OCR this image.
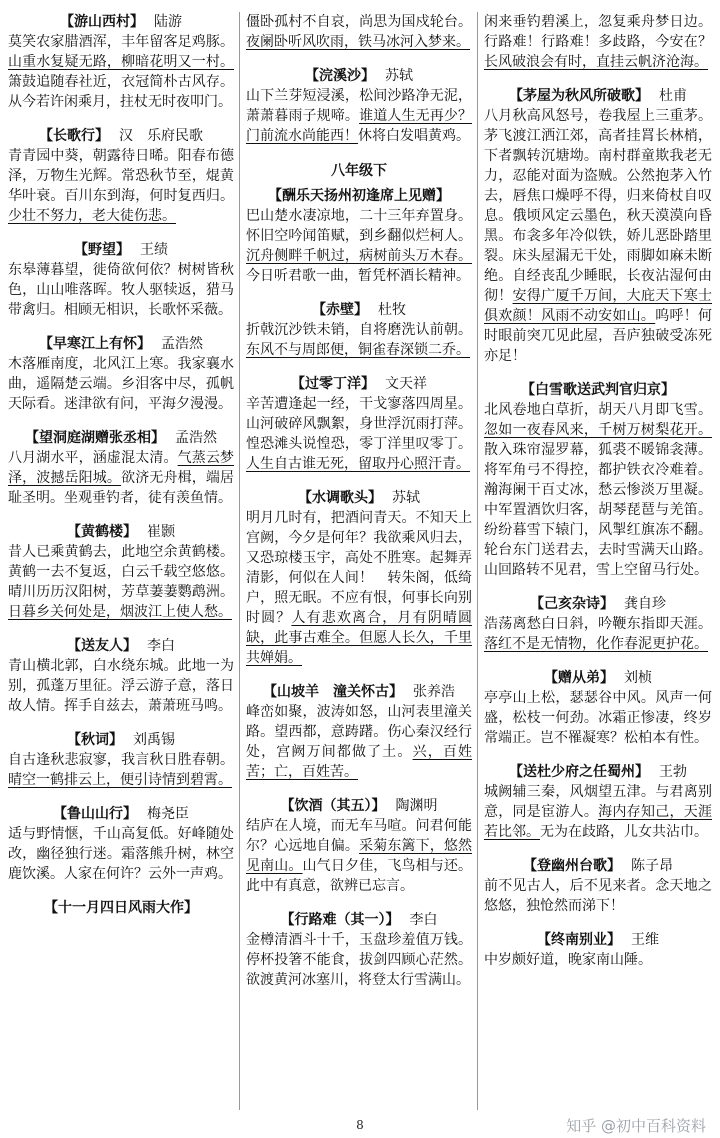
【游山西村】 陆游
莫笑农家腊酒浑，丰年留客足鸡豚。山重水复疑无路，柳暗花明又一村。箫鼓追随春社近，衣冠简朴古风存。从今若许闲乘月，拄杖无时夜叩门。
【长歌行】 汉　乐府民歌
青青园中葵，朝露待日晞。阳春布德泽，万物生光辉。常恐秋节至，焜黄华叶衰。百川东到海，何时复西归。少壮不努力，老大徒伤悲。
【野望】 王绩
东皋薄暮望，徙倚欲何依？树树皆秋色，山山唯落晖。牧人驱犊返，猎马带禽归。相顾无相识，长歌怀采薇。
【早寒江上有怀】 孟浩然
木落雁南度，北风江上寒。我家襄水曲，遥隔楚云端。乡泪客中尽，孤帆天际看。迷津欲有问，平海夕漫漫。
【望洞庭湖赠张丞相】 孟浩然
八月湖水平，涵虚混太清。气蒸云梦泽，波撼岳阳城。欲济无舟楫，端居耻圣明。坐观垂钓者，徒有羡鱼情。
【黄鹤楼】 崔颢
昔人已乘黄鹤去，此地空余黄鹤楼。黄鹤一去不复返，白云千载空悠悠。晴川历历汉阳树，芳草萋萋鹦鹉洲。日暮乡关何处是，烟波江上使人愁。
【送友人】 李白
青山横北郭，白水绕东城。此地一为别，孤蓬万里征。浮云游子意，落日故人情。挥手自兹去，萧萧班马鸣。
【秋词】 刘禹锡
自古逢秋悲寂寥，我言秋日胜春朝。晴空一鹤排云上，便引诗情到碧霄。
【鲁山山行】 梅尧臣
适与野情惬，千山高复低。好峰随处改，幽径独行迷。霜落熊升树，林空鹿饮溪。人家在何许？云外一声鸡。
【十一月四日风雨大作】
僵卧孤村不自哀，尚思为国戍轮台。夜阑卧听风吹雨，铁马冰河入梦来。
【浣溪沙】 苏轼
山下兰芽短浸溪，松间沙路净无泥，萧萧暮雨子规啼。谁道人生无再少？门前流水尚能西！休将白发唱黄鸡。
八年级下
【酬乐天扬州初逢席上见赠】
巴山楚水凄凉地，二十三年弃置身。怀旧空吟闻笛赋，到乡翻似烂柯人。沉舟侧畔千帆过，病树前头万木春。今日听君歌一曲，暂凭杯酒长精神。
【赤壁】 杜牧
折戟沉沙铁未销，自将磨洗认前朝。东风不与周郎便，铜雀春深锁二乔。
【过零丁洋】 文天祥
辛苦遭逢起一经，干戈寥落四周星。山河破碎风飘絮，身世浮沉雨打萍。惶恐滩头说惶恐，零丁洋里叹零丁。人生自古谁无死，留取丹心照汗青。
【水调歌头】 苏轼
明月几时有，把酒问青天。不知天上宫阙，今夕是何年？我欲乘风归去，又恐琼楼玉宇，高处不胜寒。起舞弄清影，何似在人间！　转朱阁，低绮户，照无眠。不应有恨，何事长向别时圆？人有悲欢离合，月有阴晴圆缺，此事古难全。但愿人长久，千里共婵娟。
【山坡羊　潼关怀古】 张养浩
峰峦如聚，波涛如怒，山河表里潼关路。望西都，意踌躇。伤心秦汉经行处，宫阙万间都做了土。兴，百姓苦；亡，百姓苦。
【饮酒（其五）】 陶渊明
结庐在人境，而无车马喧。问君何能尔？心远地自偏。采菊东篱下，悠然见南山。山气日夕佳，飞鸟相与还。此中有真意，欲辨已忘言。
【行路难（其一）】 李白
金樽清酒斗十千，玉盘珍羞值万钱。停杯投箸不能食，拔剑四顾心茫然。欲渡黄河冰塞川，将登太行雪满山。
闲来垂钓碧溪上，忽复乘舟梦日边。行路难！行路难！多歧路，今安在？长风破浪会有时，直挂云帆济沧海。
【茅屋为秋风所破歌】 杜甫
八月秋高风怒号，卷我屋上三重茅。茅飞渡江洒江郊，高者挂罥长林梢，下者飘转沉塘坳。南村群童欺我老无力，忍能对面为盗贼。公然抱茅入竹去，唇焦口燥呼不得，归来倚杖自叹息。俄顷风定云墨色，秋天漠漠向昏黑。布衾多年冷似铁，娇儿恶卧踏里裂。床头屋漏无干处，雨脚如麻未断绝。自经丧乱少睡眠，长夜沾湿何由彻！安得广厦千万间，大庇天下寒士俱欢颜！风雨不动安如山。呜呼！何时眼前突兀见此屋，吾庐独破受冻死亦足！
【白雪歌送武判官归京】
北风卷地白草折，胡天八月即飞雪。忽如一夜春风来，千树万树梨花开。散入珠帘湿罗幕，狐裘不暖锦衾薄。将军角弓不得控，都护铁衣冷难着。瀚海阑干百丈冰，愁云惨淡万里凝。中军置酒饮归客，胡琴琵琶与羌笛。纷纷暮雪下辕门，风掣红旗冻不翻。轮台东门送君去，去时雪满天山路。山回路转不见君，雪上空留马行处。
【己亥杂诗】 龚自珍
浩荡离愁白日斜，吟鞭东指即天涯。落红不是无情物，化作春泥更护花。
【赠从弟】 刘桢
亭亭山上松，瑟瑟谷中风。风声一何盛，松枝一何劲。冰霜正惨凄，终岁常端正。岂不罹凝寒？松柏本有性。
【送杜少府之任蜀州】 王勃
城阙辅三秦，风烟望五津。与君离别意，同是宦游人。海内存知己，天涯若比邻。无为在歧路，儿女共沾巾。
【登幽州台歌】 陈子昂
前不见古人，后不见来者。念天地之悠悠，独怆然而涕下！
【终南别业】 王维
中岁颇好道，晚家南山陲。
8	知乎 @初中百科资料
